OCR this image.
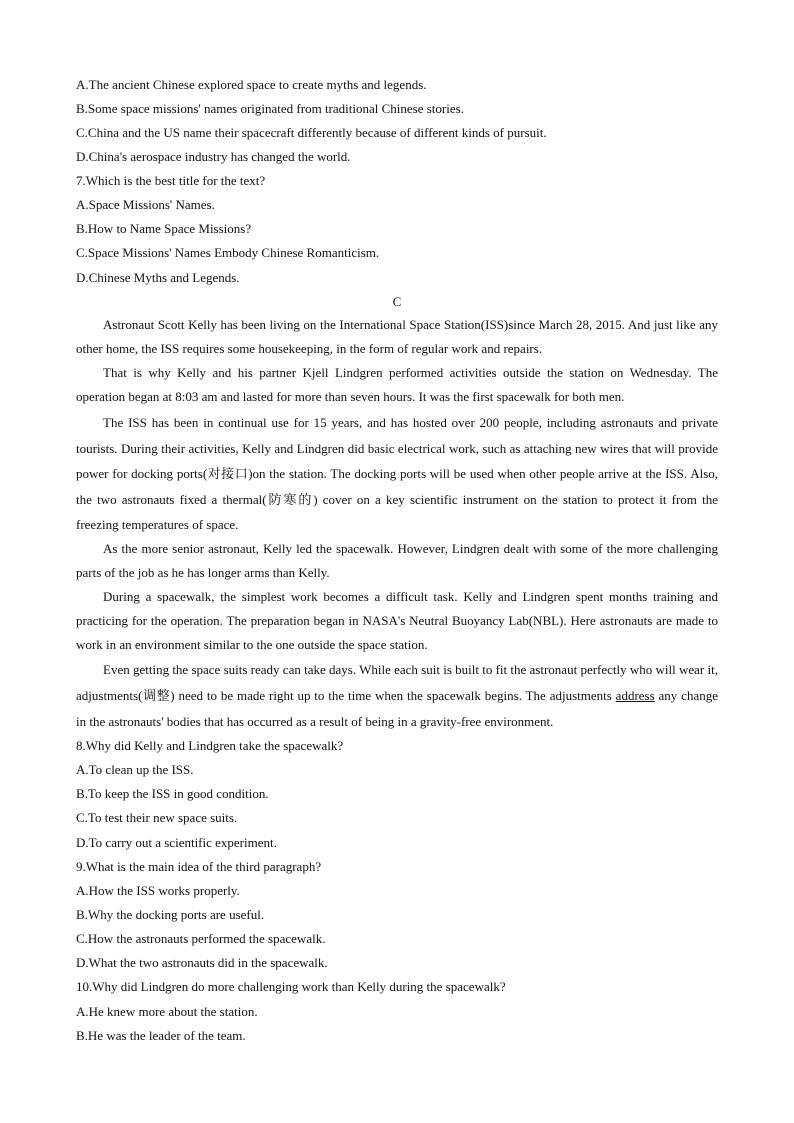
A.The ancient Chinese explored space to create myths and legends.
B.Some space missions' names originated from traditional Chinese stories.
C.China and the US name their spacecraft differently because of different kinds of pursuit.
D.China's aerospace industry has changed the world.
7.Which is the best title for the text?
A.Space Missions' Names.
B.How to Name Space Missions?
C.Space Missions' Names Embody Chinese Romanticism.
D.Chinese Myths and Legends.
C
Astronaut Scott Kelly has been living on the International Space Station(ISS)since March 28, 2015. And just like any other home, the ISS requires some housekeeping, in the form of regular work and repairs.
That is why Kelly and his partner Kjell Lindgren performed activities outside the station on Wednesday. The operation began at 8:03 am and lasted for more than seven hours. It was the first spacewalk for both men.
The ISS has been in continual use for 15 years, and has hosted over 200 people, including astronauts and private tourists. During their activities, Kelly and Lindgren did basic electrical work, such as attaching new wires that will provide power for docking ports(对接口)on the station. The docking ports will be used when other people arrive at the ISS. Also, the two astronauts fixed a thermal(防寒的) cover on a key scientific instrument on the station to protect it from the freezing temperatures of space.
As the more senior astronaut, Kelly led the spacewalk. However, Lindgren dealt with some of the more challenging parts of the job as he has longer arms than Kelly.
During a spacewalk, the simplest work becomes a difficult task. Kelly and Lindgren spent months training and practicing for the operation. The preparation began in NASA's Neutral Buoyancy Lab(NBL). Here astronauts are made to work in an environment similar to the one outside the space station.
Even getting the space suits ready can take days. While each suit is built to fit the astronaut perfectly who will wear it, adjustments(调整) need to be made right up to the time when the spacewalk begins. The adjustments address any change in the astronauts' bodies that has occurred as a result of being in a gravity-free environment.
8.Why did Kelly and Lindgren take the spacewalk?
A.To clean up the ISS.
B.To keep the ISS in good condition.
C.To test their new space suits.
D.To carry out a scientific experiment.
9.What is the main idea of the third paragraph?
A.How the ISS works properly.
B.Why the docking ports are useful.
C.How the astronauts performed the spacewalk.
D.What the two astronauts did in the spacewalk.
10.Why did Lindgren do more challenging work than Kelly during the spacewalk?
A.He knew more about the station.
B.He was the leader of the team.
